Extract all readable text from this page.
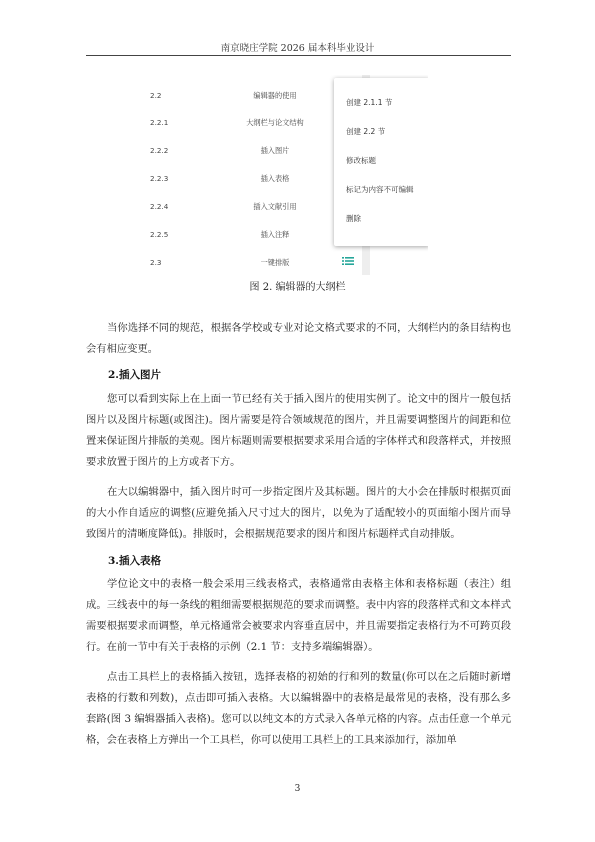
南京晓庄学院 2026 届本科毕业设计
2.2	编辑器的使用
2.2.1	大纲栏与论文结构
2.2.2	插入图片
2.2.3	插入表格
2.2.4	插入文献引用
2.2.5	插入注释
2.3	一键排版
创建 2.1.1 节
创建 2.2 节
修改标题
标记为内容不可编辑
删除
图 2. 编辑器的大纲栏
当你选择不同的规范，根据各学校或专业对论文格式要求的不同，大纲栏内的条目结构也会有相应变更。
2.插入图片
您可以看到实际上在上面一节已经有关于插入图片的使用实例了。论文中的图片一般包括图片以及图片标题(或图注)。图片需要是符合领域规范的图片，并且需要调整图片的间距和位置来保证图片排版的美观。图片标题则需要根据要求采用合适的字体样式和段落样式，并按照要求放置于图片的上方或者下方。
在大以编辑器中，插入图片时可一步指定图片及其标题。图片的大小会在排版时根据页面的大小作自适应的调整(应避免插入尺寸过大的图片，以免为了适配较小的页面缩小图片而导致图片的清晰度降低)。排版时，会根据规范要求的图片和图片标题样式自动排版。
3.插入表格
学位论文中的表格一般会采用三线表格式，表格通常由表格主体和表格标题（表注）组成。三线表中的每一条线的粗细需要根据规范的要求而调整。表中内容的段落样式和文本样式需要根据要求而调整，单元格通常会被要求内容垂直居中，并且需要指定表格行为不可跨页段行。在前一节中有关于表格的示例（2.1 节：支持多端编辑器）。
点击工具栏上的表格插入按钮，选择表格的初始的行和列的数量(你可以在之后随时新增表格的行数和列数)，点击即可插入表格。大以编辑器中的表格是最常见的表格，没有那么多套路(图 3 编辑器插入表格)。您可以以纯文本的方式录入各单元格的内容。点击任意一个单元格，会在表格上方弹出一个工具栏，你可以使用工具栏上的工具来添加行，添加单
3
